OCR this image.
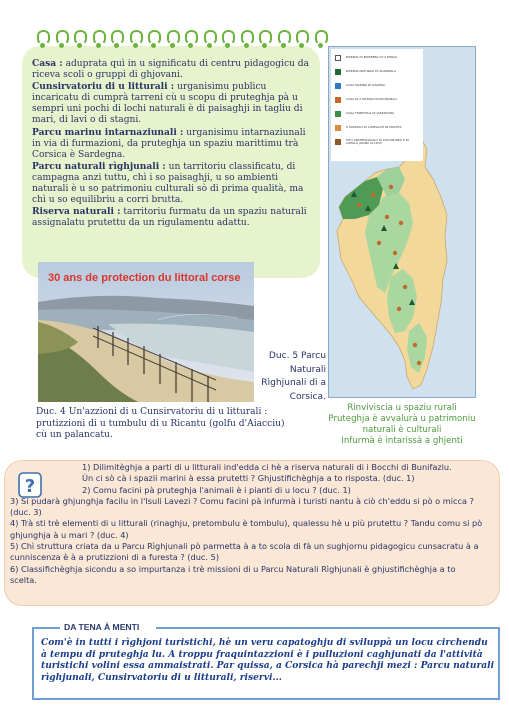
Casa : aduprata quì in u significatu di centru pidagogicu da riceva scoli o gruppi di ghjovani.

Cunsirvatoriu di u litturali : urganisimu publicu incaricatu di cumprà tarreni cù u scopu di pruteghja pà u sempri uni pochi di lochi naturali è di paisaghji in tagliu di mari, di lavi o di stagni.

Parcu marinu intarnaziunali : urganisimu intarnaziunali in via di furmazioni, da pruteghja un spaziu marittimu trà Corsica è Sardegna.

Parcu naturali rìghjunali : un tarritoriu classificatu, di campagna anzi tuttu, chì i so paisaghji, u so ambienti naturali è u so patrimoniu culturali sò di prima qualità, ma chì u so equilibriu a corri brutta.

Riserva naturali : tarritoriu furmatu da un spaziu naturali assignalatu prutettu da un rigulamentu adattu.

30 ans de protection du littoral corse
Duc. 5 Parcu
Naturali
Rìghjunali di a
Corsica.
Duc. 4 Un'azzioni di u Cunsirvatoriu di u litturali : prutizzioni di u tumbulu di u Ricantu (golfu d'Aiacciu) cù un palancatu.
RISERVA DI BIOSFERA DI U FANGU
RISERVA NATURALI DI SCANDOLA
CASA MARINA DI GALERIA
CASA DI A NATURA IN RÌGHJUNALI
CASA FORESTALI DI VIZZAVONA
U PAESOLU DI CUPPULATI IN MULTITÀ
SITU ARCHEOLOGICU DI CUCURUZZU È DI CAPULA (PIANU DI LEVÌ)
Rinviviscia u spaziu rurali
Pruteghja è avvalurà u patrimoniu
naturali è culturali
Infurmà è intarissà a ghjenti
?
1) Dilimitèghja a parti di u litturali ind'edda ci hè a riserva naturali di i Bocchi di Bunifaziu.
Ùn ci sò cà i spazii marini à essa prutetti ? Ghjustifichèghja a to risposta. (duc. 1)
2) Comu facini pà pruteghja l'animali è i pianti di u locu ? (duc. 1)
3) Si pudarà ghjunghja facilu in l'Isuli Lavezi ? Comu facini pà infurmà i turisti nantu à ciò ch'eddu si pò o micca ? (duc. 3)
4) Trà sti trè elementi di u litturali (rinaghju, pretombulu è tombulu), qualessu hè u più prutettu ? Tandu comu si pò ghjunghja à u mari ? (duc. 4)
5) Chì struttura criata da u Parcu Rìghjunali pò parmetta à a to scola di fà un sughjornu pidagogicu cunsacratu à a cunniscenza è à a prutizzioni di a furesta ? (duc. 5)
6) Classifichèghja sicondu a so impurtanza i trè missioni di u Parcu Naturali Rìghjunali è ghjustifichèghja a to scelta.
DA TENA À MENTI
Com'è in tutti i rìghjoni turistichi, hè un veru capatoghju di sviluppà un locu circhendu à tempu di pruteghja lu. A troppu fraquintazzioni è i pulluzioni caghjunati da l'attività turistichi volini essa ammaistrati. Par quissa, a Corsica hà parechji mezi : Parcu naturali rìghjunali, Cunsirvatoriu di u litturali, riservi...
